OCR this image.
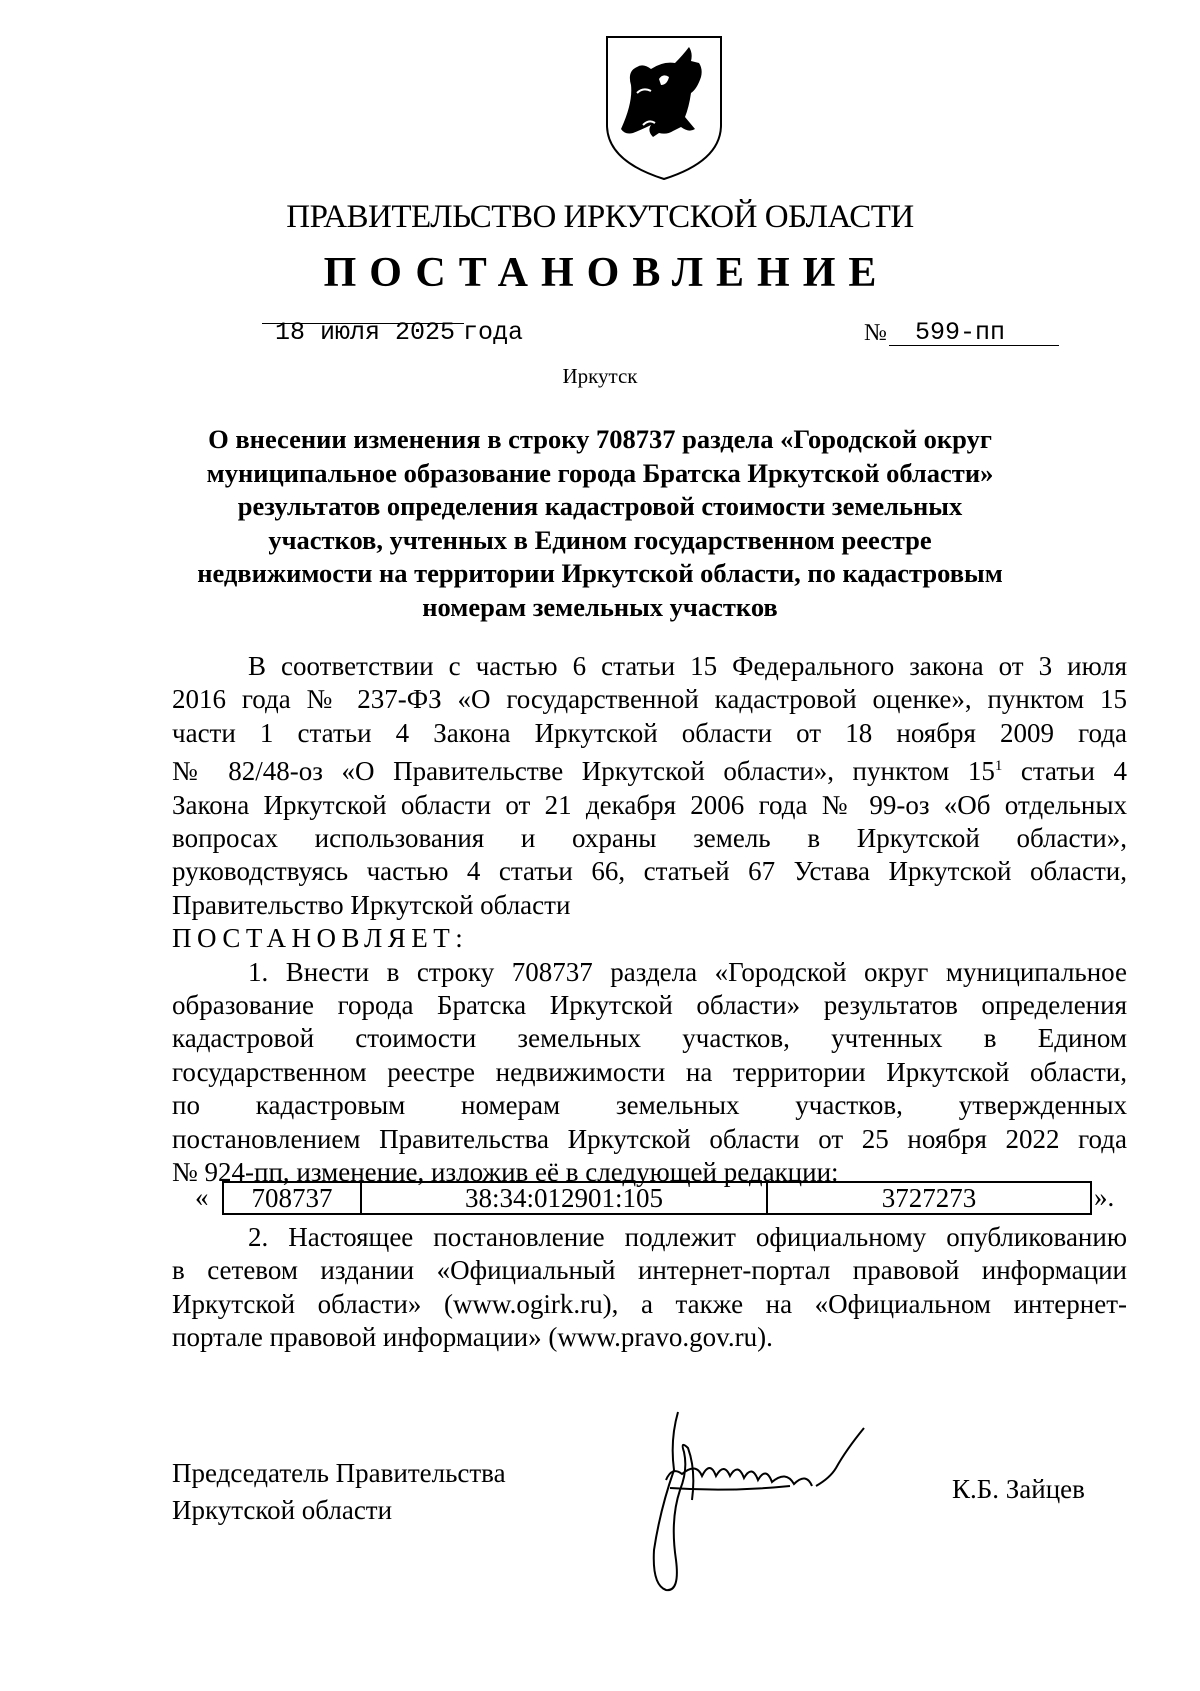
ПРАВИТЕЛЬСТВО ИРКУТСКОЙ ОБЛАСТИ
ПОСТАНОВЛЕНИЕ
18 июля 2025 года	№ 599-пп
Иркутск
О внесении изменения в строку 708737 раздела «Городской округ муниципальное образование города Братска Иркутской области» результатов определения кадастровой стоимости земельных участков, учтенных в Едином государственном реестре недвижимости на территории Иркутской области, по кадастровым номерам земельных участков
В соответствии с частью 6 статьи 15 Федерального закона от 3 июля
2016 года № 237-ФЗ «О государственной кадастровой оценке», пунктом 15
части 1 статьи 4 Закона Иркутской области от 18 ноября 2009 года
№ 82/48-оз «О Правительстве Иркутской области», пунктом $15^1$ статьи 4
Закона Иркутской области от 21 декабря 2006 года № 99-оз «Об отдельных
вопросах использования и охраны земель в Иркутской области»,
руководствуясь частью 4 статьи 66, статьей 67 Устава Иркутской области,
Правительство Иркутской области
ПОСТАНОВЛЯЕТ:
1. Внести в строку 708737 раздела «Городской округ муниципальное
образование города Братска Иркутской области» результатов определения
кадастровой стоимости земельных участков, учтенных в Едином
государственном реестре недвижимости на территории Иркутской области,
по кадастровым номерам земельных участков, утвержденных
постановлением Правительства Иркутской области от 25 ноября 2022 года
№ 924-пп, изменение, изложив её в следующей редакции:
«	708737	38:34:012901:105	3727273	».
2. Настоящее постановление подлежит официальному опубликованию
в сетевом издании «Официальный интернет-портал правовой информации
Иркутской области» (www.ogirk.ru), а также на «Официальном интернет-
портале правовой информации» (www.pravo.gov.ru).
Председатель Правительства
Иркутской области
К.Б. Зайцев
